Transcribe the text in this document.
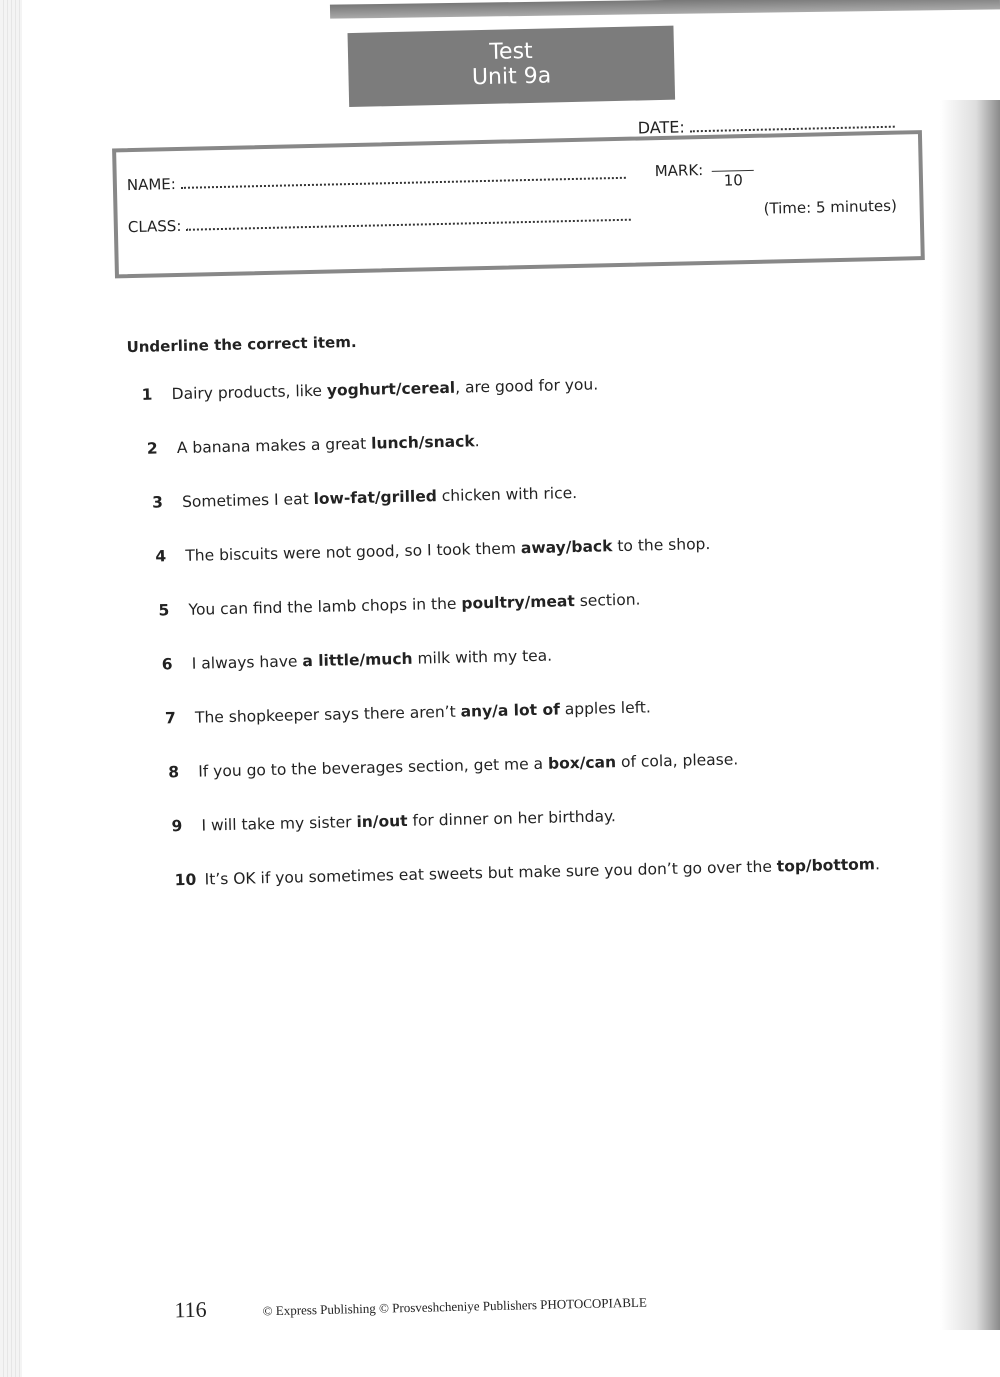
Test
Unit 9a
DATE:
NAME:
CLASS:
MARK:
10
(Time: 5 minutes)
Underline the correct item.
1 Dairy products, like yoghurt/cereal, are good for you.
2 A banana makes a great lunch/snack.
3 Sometimes I eat low-fat/grilled chicken with rice.
4 The biscuits were not good, so I took them away/back to the shop.
5 You can find the lamb chops in the poultry/meat section.
6 I always have a little/much milk with my tea.
7 The shopkeeper says there aren’t any/a lot of apples left.
8 If you go to the beverages section, get me a box/can of cola, please.
9 I will take my sister in/out for dinner on her birthday.
10 It’s OK if you sometimes eat sweets but make sure you don’t go over the top/bottom.
116	© Express Publishing © Prosveshcheniye Publishers PHOTOCOPIABLE
